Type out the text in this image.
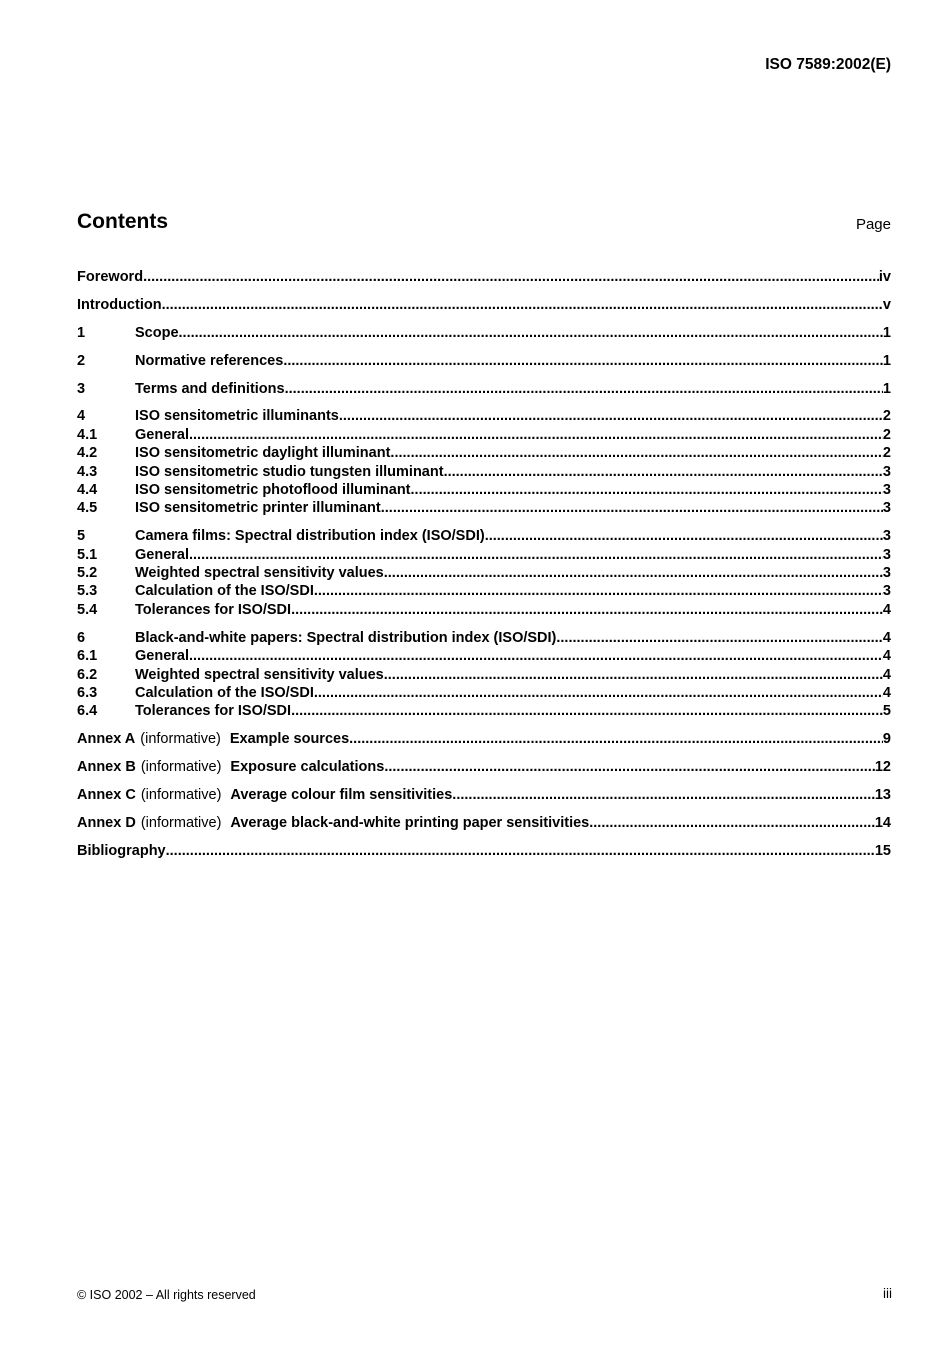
ISO 7589:2002(E)
Contents	Page
Foreword .....	iv
Introduction .....	v
1	Scope .....	1
2	Normative references .....	1
3	Terms and definitions .....	1
4	ISO sensitometric illuminants .....	2
4.1	General .....	2
4.2	ISO sensitometric daylight illuminant .....	2
4.3	ISO sensitometric studio tungsten illuminant .....	3
4.4	ISO sensitometric photoflood illuminant .....	3
4.5	ISO sensitometric printer illuminant .....	3
5	Camera films: Spectral distribution index (ISO/SDI) .....	3
5.1	General .....	3
5.2	Weighted spectral sensitivity values .....	3
5.3	Calculation of the ISO/SDI .....	3
5.4	Tolerances for ISO/SDI .....	4
6	Black-and-white papers: Spectral distribution index (ISO/SDI) .....	4
6.1	General .....	4
6.2	Weighted spectral sensitivity values .....	4
6.3	Calculation of the ISO/SDI .....	4
6.4	Tolerances for ISO/SDI .....	5
Annex A (informative) Example sources .....	9
Annex B (informative) Exposure calculations .....	12
Annex C (informative) Average colour film sensitivities .....	13
Annex D (informative) Average black-and-white printing paper sensitivities .....	14
Bibliography .....	15
© ISO 2002 – All rights reserved	iii
